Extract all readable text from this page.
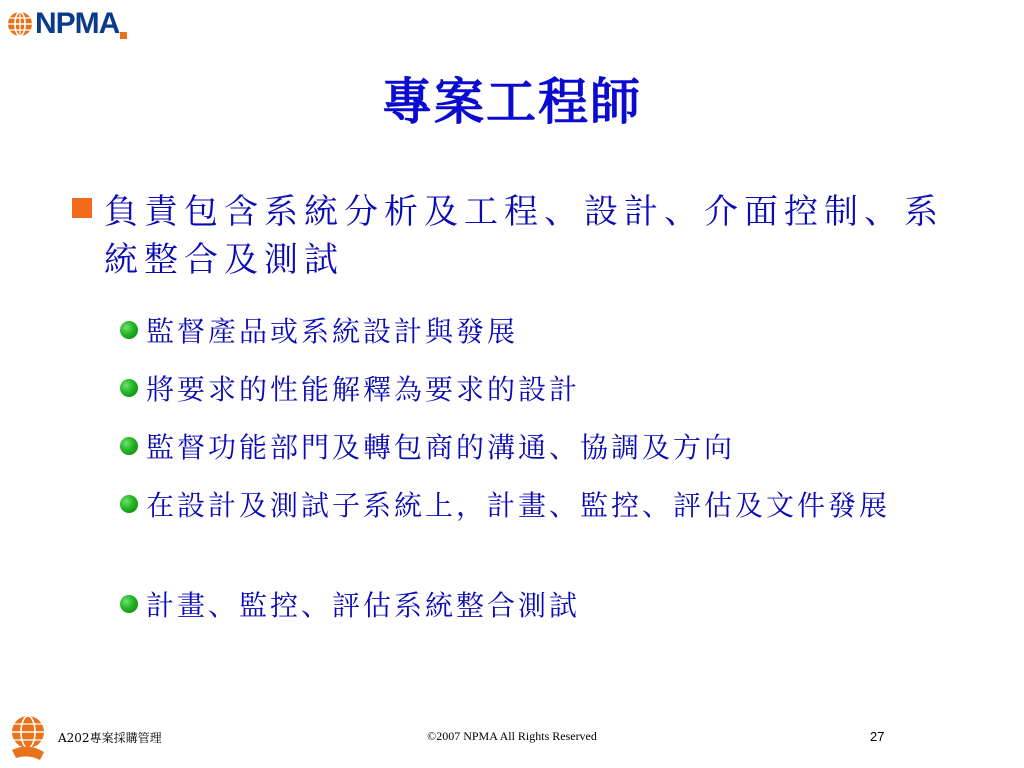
NPMA
專案工程師
負責包含系統分析及工程、設計、介面控制、系統整合及測試
監督產品或系統設計與發展
將要求的性能解釋為要求的設計
監督功能部門及轉包商的溝通、協調及方向
在設計及測試子系統上，計畫、監控、評估及文件發展
計畫、監控、評估系統整合測試
A202專案採購管理	©2007 NPMA All Rights Reserved	27
